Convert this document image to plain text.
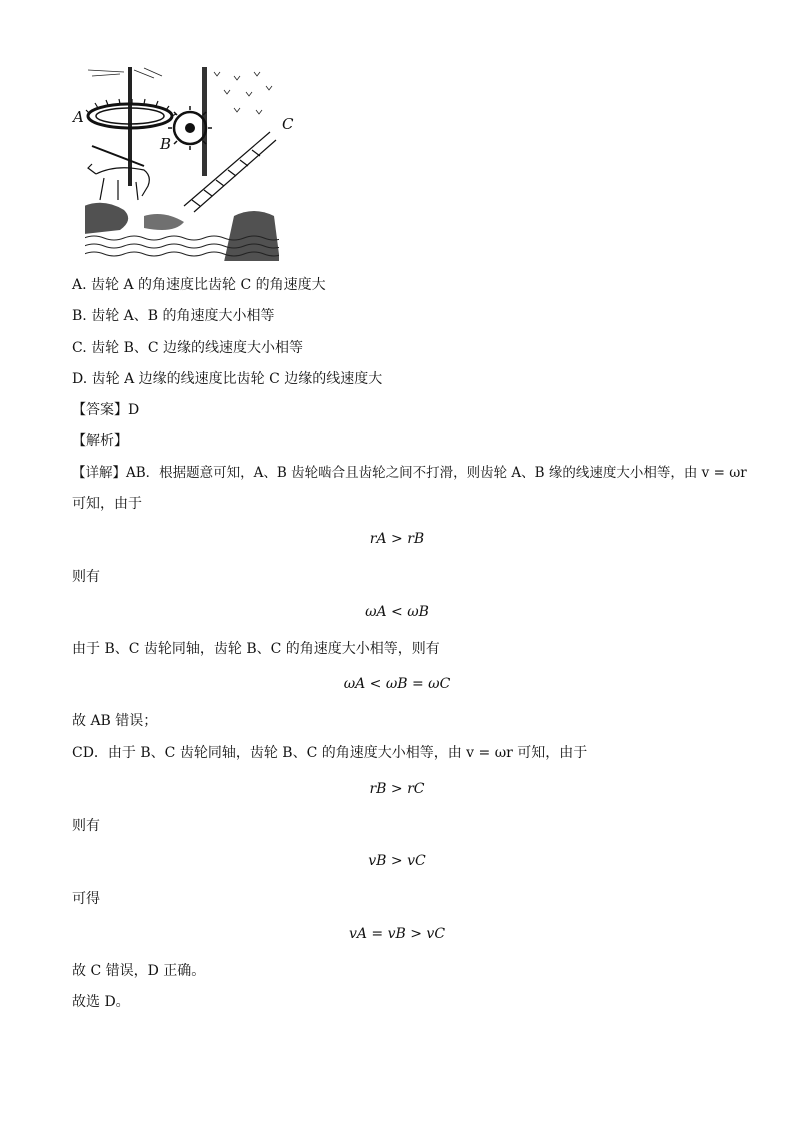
A
B
C
A. 齿轮 A 的角速度比齿轮 C 的角速度大
B. 齿轮 A、B 的角速度大小相等
C. 齿轮 B、C 边缘的线速度大小相等
D. 齿轮 A 边缘的线速度比齿轮 C 边缘的线速度大
【答案】D
【解析】
【详解】AB．根据题意可知，A、B 齿轮啮合且齿轮之间不打滑，则齿轮 A、B 缘的线速度大小相等，由 v = ωr
可知，由于
rA > rB
则有
ωA < ωB
由于 B、C 齿轮同轴，齿轮 B、C 的角速度大小相等，则有
ωA < ωB = ωC
故 AB 错误；
CD．由于 B、C 齿轮同轴，齿轮 B、C 的角速度大小相等，由 v = ωr 可知，由于
rB > rC
则有
vB > vC
可得
vA = vB > vC
故 C 错误，D 正确。
故选 D。
